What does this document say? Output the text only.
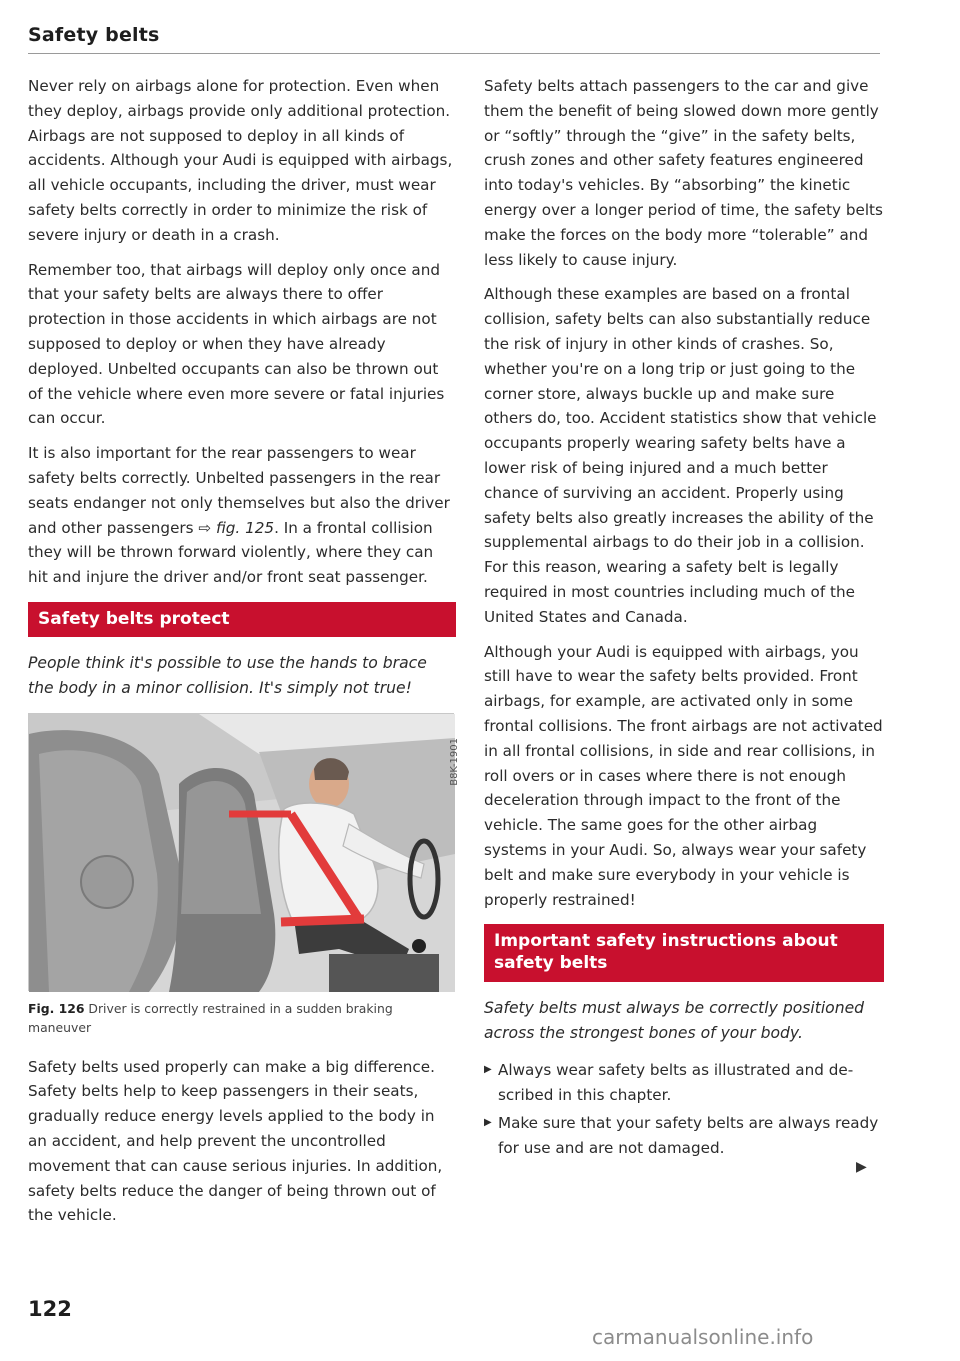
Safety belts

Never rely on airbags alone for protection. Even when they deploy, airbags provide only additional protection. Airbags are not supposed to deploy in all kinds of accidents. Although your Audi is equipped with airbags, all vehicle occupants, including the driver, must wear safety belts correctly in order to minimize the risk of severe injury or death in a crash.

Remember too, that airbags will deploy only once and that your safety belts are always there to offer protection in those accidents in which airbags are not supposed to deploy or when they have already deployed. Unbelted occupants can also be thrown out of the vehicle where even more severe or fatal injuries can occur.

It is also important for the rear passengers to wear safety belts correctly. Unbelted passengers in the rear seats endanger not only themselves but also the driver and other passengers ⇨ fig. 125. In a frontal collision they will be thrown forward violently, where they can hit and injure the driver and/or front seat passenger.

Safety belts protect

People think it's possible to use the hands to brace the body in a minor collision. It's simply not true!

B8K-1901

Fig. 126 Driver is correctly restrained in a sudden braking maneuver

Safety belts used properly can make a big difference. Safety belts help to keep passengers in their seats, gradually reduce energy levels applied to the body in an accident, and help prevent the uncontrolled movement that can cause serious injuries. In addition, safety belts reduce the danger of being thrown out of the vehicle.

Safety belts attach passengers to the car and give them the benefit of being slowed down more gently or “softly” through the “give” in the safety belts, crush zones and other safety features engineered into today's vehicles. By “absorbing” the kinetic energy over a longer period of time, the safety belts make the forces on the body more “tolerable” and less likely to cause injury.

Although these examples are based on a frontal collision, safety belts can also substantially reduce the risk of injury in other kinds of crashes. So, whether you're on a long trip or just going to the corner store, always buckle up and make sure others do, too. Accident statistics show that vehicle occupants properly wearing safety belts have a lower risk of being injured and a much better chance of surviving an accident. Properly using safety belts also greatly increases the ability of the supplemental airbags to do their job in a collision. For this reason, wearing a safety belt is legally required in most countries including much of the United States and Canada.

Although your Audi is equipped with airbags, you still have to wear the safety belts provided. Front airbags, for example, are activated only in some frontal collisions. The front airbags are not activated in all frontal collisions, in side and rear collisions, in roll overs or in cases where there is not enough deceleration through impact to the front of the vehicle. The same goes for the other airbag systems in your Audi. So, always wear your safety belt and make sure everybody in your vehicle is properly restrained!

Important safety instructions about safety belts

Safety belts must always be correctly positioned across the strongest bones of your body.

▶ Always wear safety belts as illustrated and described in this chapter.
▶ Make sure that your safety belts are always ready for use and are not damaged.
▶
122
carmanualsonline.info
